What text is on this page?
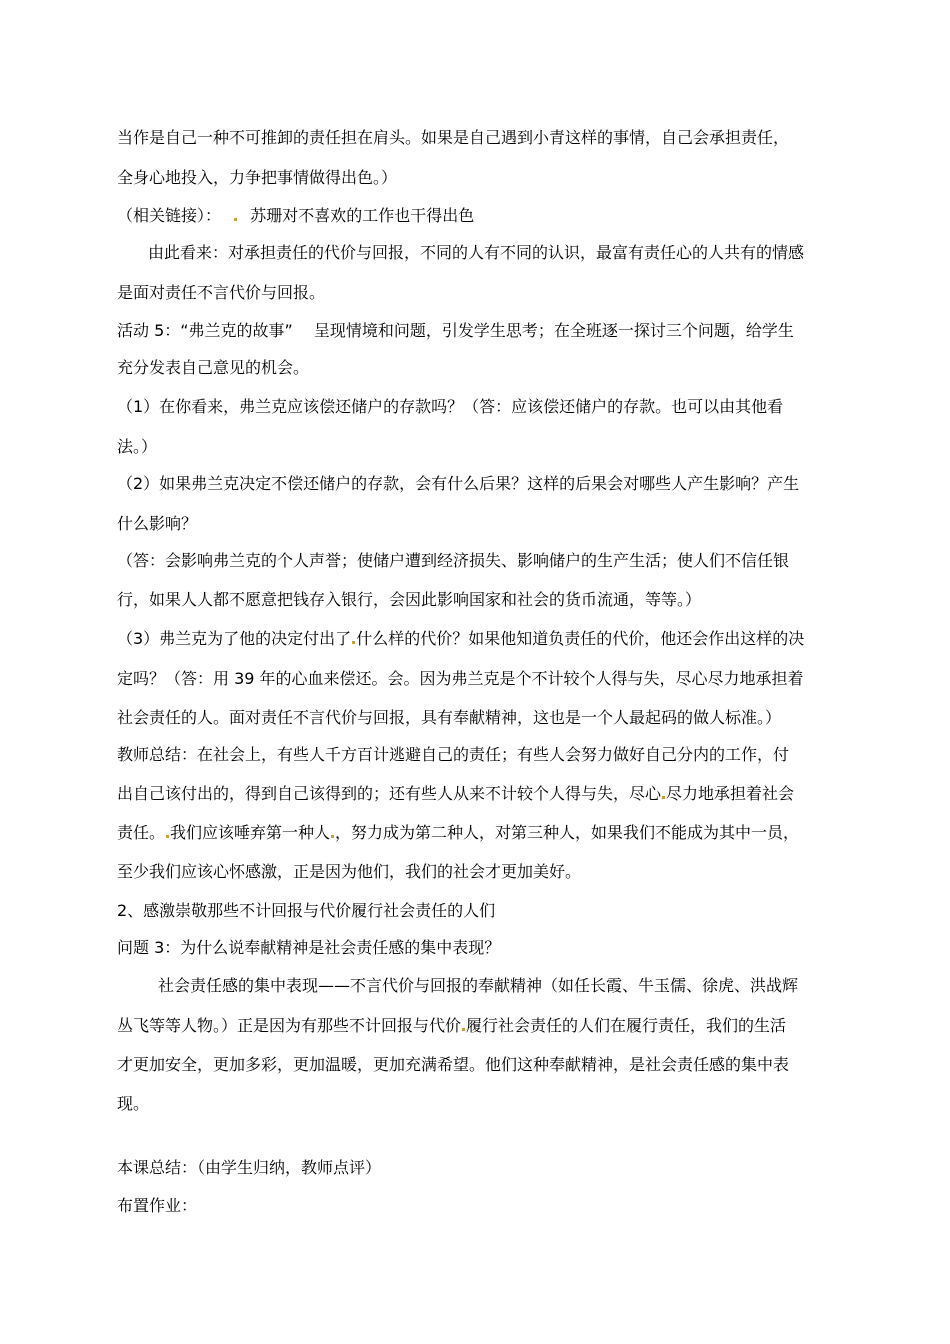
当作是自己一种不可推卸的责任担在肩头。如果是自己遇到小青这样的事情，自己会承担责任，
全身心地投入，力争把事情做得出色。）
（相关链接）： 苏珊对不喜欢的工作也干得出色
由此看来：对承担责任的代价与回报，不同的人有不同的认识，最富有责任心的人共有的情感
是面对责任不言代价与回报。
活动 5：“弗兰克的故事”　 呈现情境和问题，引发学生思考；在全班逐一探讨三个问题，给学生
充分发表自己意见的机会。
（1）在你看来，弗兰克应该偿还储户的存款吗？（答：应该偿还储户的存款。也可以由其他看
法。）
（2）如果弗兰克决定不偿还储户的存款，会有什么后果？这样的后果会对哪些人产生影响？产生
什么影响？
（答：会影响弗兰克的个人声誉；使储户遭到经济损失、影响储户的生产生活；使人们不信任银
行，如果人人都不愿意把钱存入银行，会因此影响国家和社会的货币流通，等等。）
（3）弗兰克为了他的决定付出了 什么样的代价？如果他知道负责任的代价，他还会作出这样的决
定吗？（答：用 39 年的心血来偿还。会。因为弗兰克是个不计较个人得与失，尽心尽力地承担着
社会责任的人。面对责任不言代价与回报，具有奉献精神，这也是一个人最起码的做人标准。）
教师总结：在社会上，有些人千方百计逃避自己的责任；有些人会努力做好自己分内的工作，付
出自己该付出的，得到自己该得到的；还有些人从来不计较个人得与失，尽心 尽力地承担着社会
责任。 我们应该唾弃第一种人 ，努力成为第二种人，对第三种人，如果我们不能成为其中一员，
至少我们应该心怀感激，正是因为他们，我们的社会才更加美好。
2、感激崇敬那些不计回报与代价履行社会责任的人们
问题 3：为什么说奉献精神是社会责任感的集中表现？
社会责任感的集中表现——不言代价与回报的奉献精神（如任长霞、牛玉儒、徐虎、洪战辉
丛飞等等人物。）正是因为有那些不计回报与代价 履行社会责任的人们在履行责任，我们的生活
才更加安全，更加多彩，更加温暖，更加充满希望。他们这种奉献精神，是社会责任感的集中表
现。
本课总结：（由学生归纳，教师点评）
布置作业：
